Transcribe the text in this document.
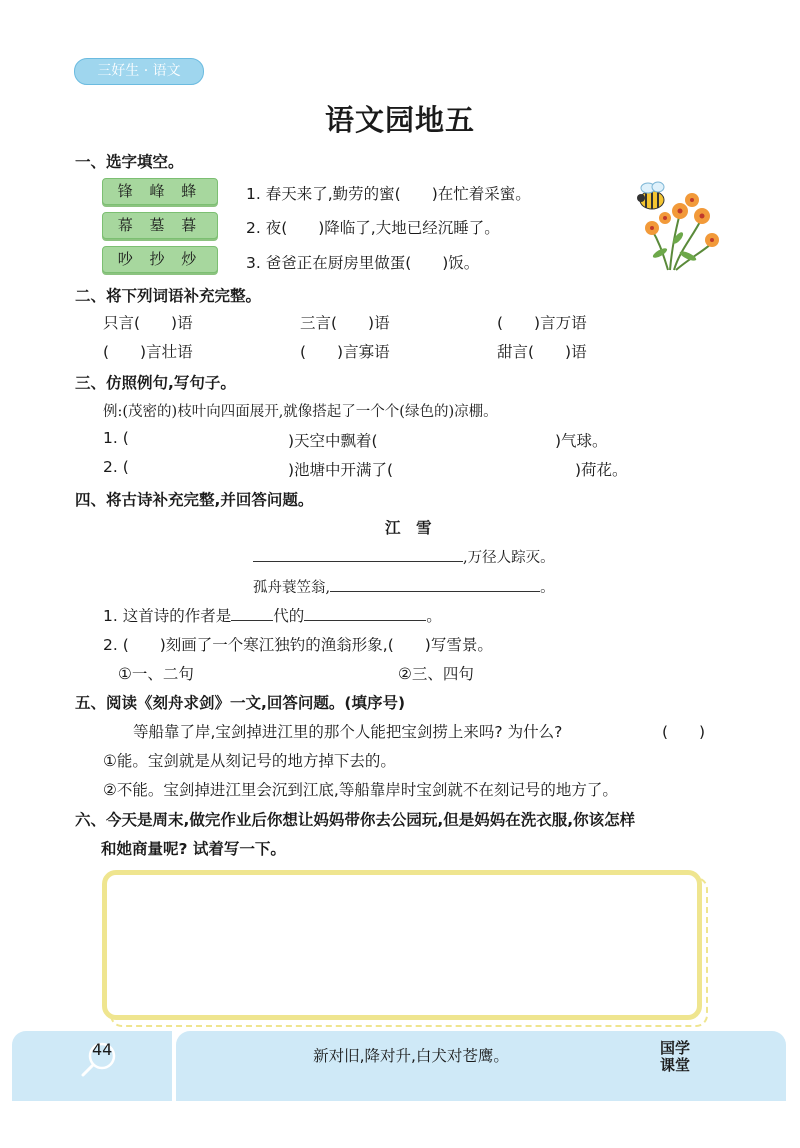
三好生 · 语文
语文园地五
一、选字填空。
锋 峰 蜂
幕 墓 暮
吵 抄 炒
1. 春天来了,勤劳的蜜(　　)在忙着采蜜。
2. 夜(　　)降临了,大地已经沉睡了。
3. 爸爸正在厨房里做蛋(　　)饭。
二、将下列词语补充完整。
只言(　　)语	三言(　　)语	(　　)言万语
(　　)言壮语	(　　)言寡语	甜言(　　)语
三、仿照例句,写句子。
例:(茂密的)枝叶向四面展开,就像搭起了一个个(绿色的)凉棚。
1. (	)天空中飘着(	)气球。
2. (	)池塘中开满了(	)荷花。
四、将古诗补充完整,并回答问题。
江　雪
,万径人踪灭。
孤舟蓑笠翁,	。
1. 这首诗的作者是	代的	。
2. (　　)刻画了一个寒江独钓的渔翁形象,(　　)写雪景。
①一、二句	②三、四句
五、阅读《刻舟求剑》一文,回答问题。(填序号)
等船靠了岸,宝剑掉进江里的那个人能把宝剑捞上来吗? 为什么?	(　　)
①能。宝剑就是从刻记号的地方掉下去的。
②不能。宝剑掉进江里会沉到江底,等船靠岸时宝剑就不在刻记号的地方了。
六、今天是周末,做完作业后你想让妈妈带你去公园玩,但是妈妈在洗衣服,你该怎样
和她商量呢? 试着写一下。
44	新对旧,降对升,白犬对苍鹰。	国学
课堂
